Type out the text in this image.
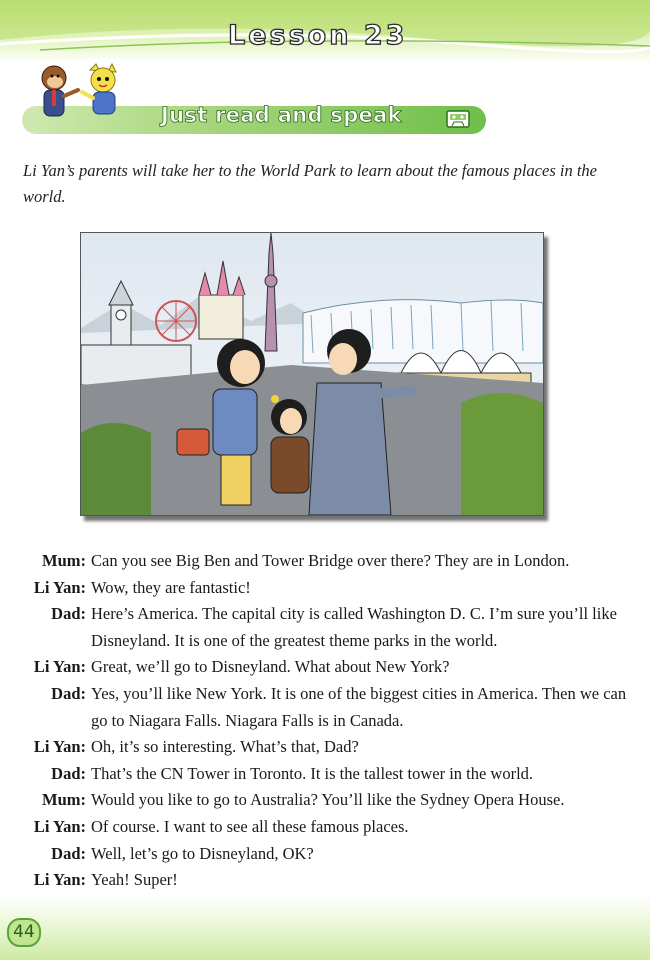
Lesson 23
Just read and speak
Li Yan’s parents will take her to the World Park to learn about the famous places in the world.
Mum: Can you see Big Ben and Tower Bridge over there? They are in London.
Li Yan: Wow, they are fantastic!
Dad: Here’s America. The capital city is called Washington D. C. I’m sure you’ll like Disneyland. It is one of the greatest theme parks in the world.
Li Yan: Great, we’ll go to Disneyland. What about New York?
Dad: Yes, you’ll like New York. It is one of the biggest cities in America. Then we can go to Niagara Falls. Niagara Falls is in Canada.
Li Yan: Oh, it’s so interesting. What’s that, Dad?
Dad: That’s the CN Tower in Toronto. It is the tallest tower in the world.
Mum: Would you like to go to Australia? You’ll like the Sydney Opera House.
Li Yan: Of course. I want to see all these famous places.
Dad: Well, let’s go to Disneyland, OK?
Li Yan: Yeah! Super!
44
